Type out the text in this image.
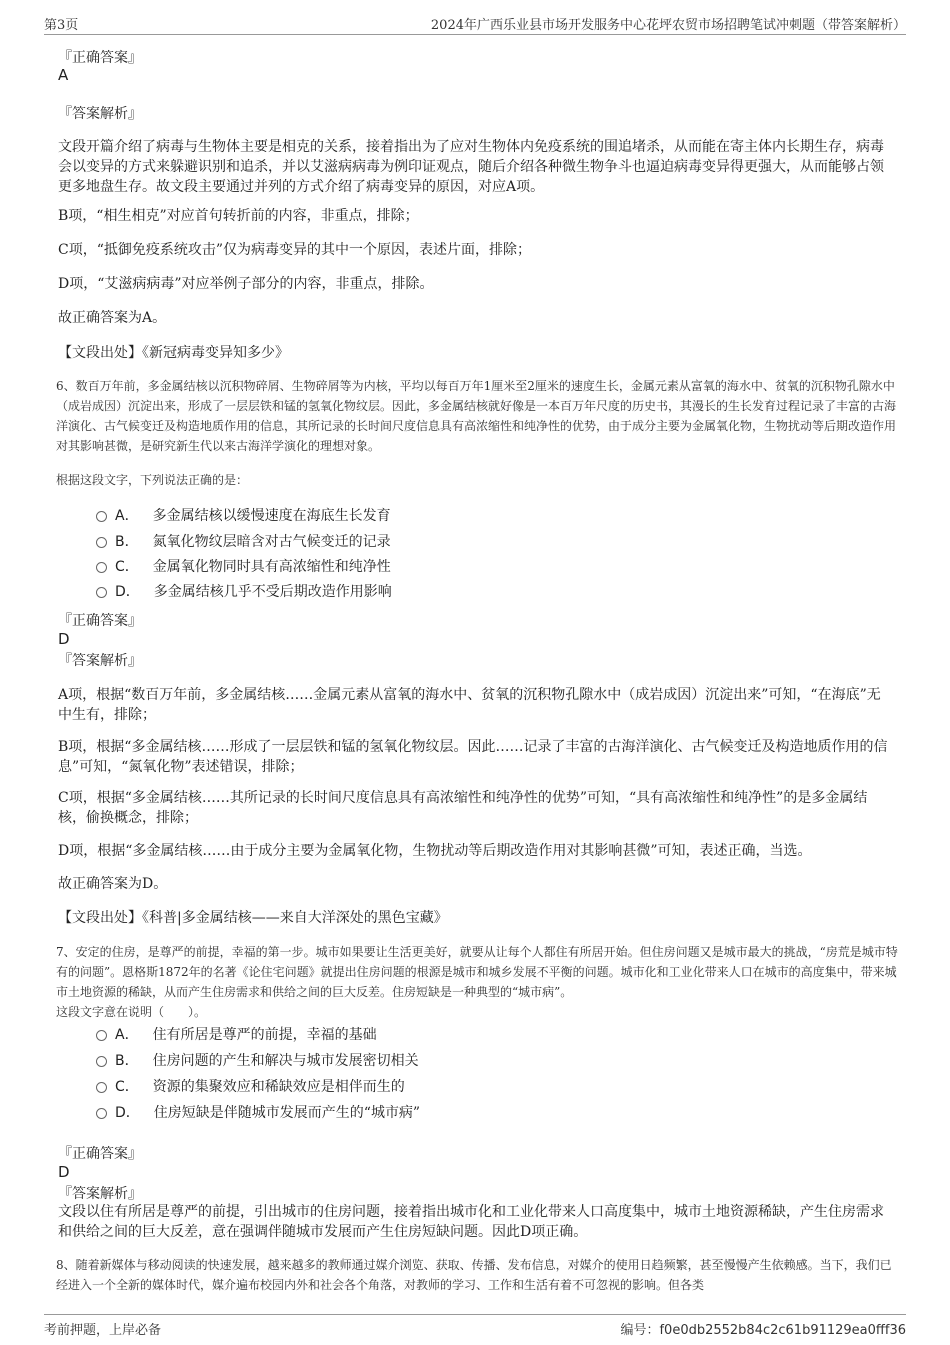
第3页	2024年广西乐业县市场开发服务中心花坪农贸市场招聘笔试冲刺题（带答案解析）
『正确答案』
A
『答案解析』
文段开篇介绍了病毒与生物体主要是相克的关系，接着指出为了应对生物体内免疫系统的围追堵杀，从而能在寄主体内长期生存，病毒会以变异的方式来躲避识别和追杀，并以艾滋病病毒为例印证观点，随后介绍各种微生物争斗也逼迫病毒变异得更强大，从而能够占领更多地盘生存。故文段主要通过并列的方式介绍了病毒变异的原因，对应A项。
B项，“相生相克”对应首句转折前的内容，非重点，排除；
C项，“抵御免疫系统攻击”仅为病毒变异的其中一个原因，表述片面，排除；
D项，“艾滋病病毒”对应举例子部分的内容，非重点，排除。
故正确答案为A。
【文段出处】《新冠病毒变异知多少》
6、数百万年前，多金属结核以沉积物碎屑、生物碎屑等为内核，平均以每百万年1厘米至2厘米的速度生长，金属元素从富氧的海水中、贫氧的沉积物孔隙水中（成岩成因）沉淀出来，形成了一层层铁和锰的氢氧化物纹层。因此，多金属结核就好像是一本百万年尺度的历史书，其漫长的生长发育过程记录了丰富的古海洋演化、古气候变迁及构造地质作用的信息，其所记录的长时间尺度信息具有高浓缩性和纯净性的优势，由于成分主要为金属氧化物，生物扰动等后期改造作用对其影响甚微，是研究新生代以来古海洋学演化的理想对象。
根据这段文字，下列说法正确的是：
A． 多金属结核以缓慢速度在海底生长发育
B． 氮氧化物纹层暗含对古气候变迁的记录
C． 金属氧化物同时具有高浓缩性和纯净性
D． 多金属结核几乎不受后期改造作用影响
『正确答案』
D
『答案解析』
A项，根据“数百万年前，多金属结核……金属元素从富氧的海水中、贫氧的沉积物孔隙水中（成岩成因）沉淀出来”可知，“在海底”无中生有，排除；
B项，根据“多金属结核……形成了一层层铁和锰的氢氧化物纹层。因此……记录了丰富的古海洋演化、古气候变迁及构造地质作用的信息”可知，“氮氧化物”表述错误，排除；
C项，根据“多金属结核……其所记录的长时间尺度信息具有高浓缩性和纯净性的优势”可知，“具有高浓缩性和纯净性”的是多金属结核，偷换概念，排除；
D项，根据“多金属结核……由于成分主要为金属氧化物，生物扰动等后期改造作用对其影响甚微”可知，表述正确，当选。
故正确答案为D。
【文段出处】《科普|多金属结核——来自大洋深处的黑色宝藏》
7、安定的住房，是尊严的前提，幸福的第一步。城市如果要让生活更美好，就要从让每个人都住有所居开始。但住房问题又是城市最大的挑战，“房荒是城市特有的问题”。恩格斯1872年的名著《论住宅问题》就提出住房问题的根源是城市和城乡发展不平衡的问题。城市化和工业化带来人口在城市的高度集中，带来城市土地资源的稀缺，从而产生住房需求和供给之间的巨大反差。住房短缺是一种典型的“城市病”。
这段文字意在说明（　　）。
A． 住有所居是尊严的前提，幸福的基础
B． 住房问题的产生和解决与城市发展密切相关
C． 资源的集聚效应和稀缺效应是相伴而生的
D． 住房短缺是伴随城市发展而产生的“城市病”
『正确答案』
D
『答案解析』
文段以住有所居是尊严的前提，引出城市的住房问题，接着指出城市化和工业化带来人口高度集中，城市土地资源稀缺，产生住房需求和供给之间的巨大反差，意在强调伴随城市发展而产生住房短缺问题。因此D项正确。
8、随着新媒体与移动阅读的快速发展，越来越多的教师通过媒介浏览、获取、传播、发布信息，对媒介的使用日趋频繁，甚至慢慢产生依赖感。当下，我们已经进入一个全新的媒体时代，媒介遍布校园内外和社会各个角落，对教师的学习、工作和生活有着不可忽视的影响。但各类
考前押题，上岸必备	编号：f0e0db2552b84c2c61b91129ea0fff36
